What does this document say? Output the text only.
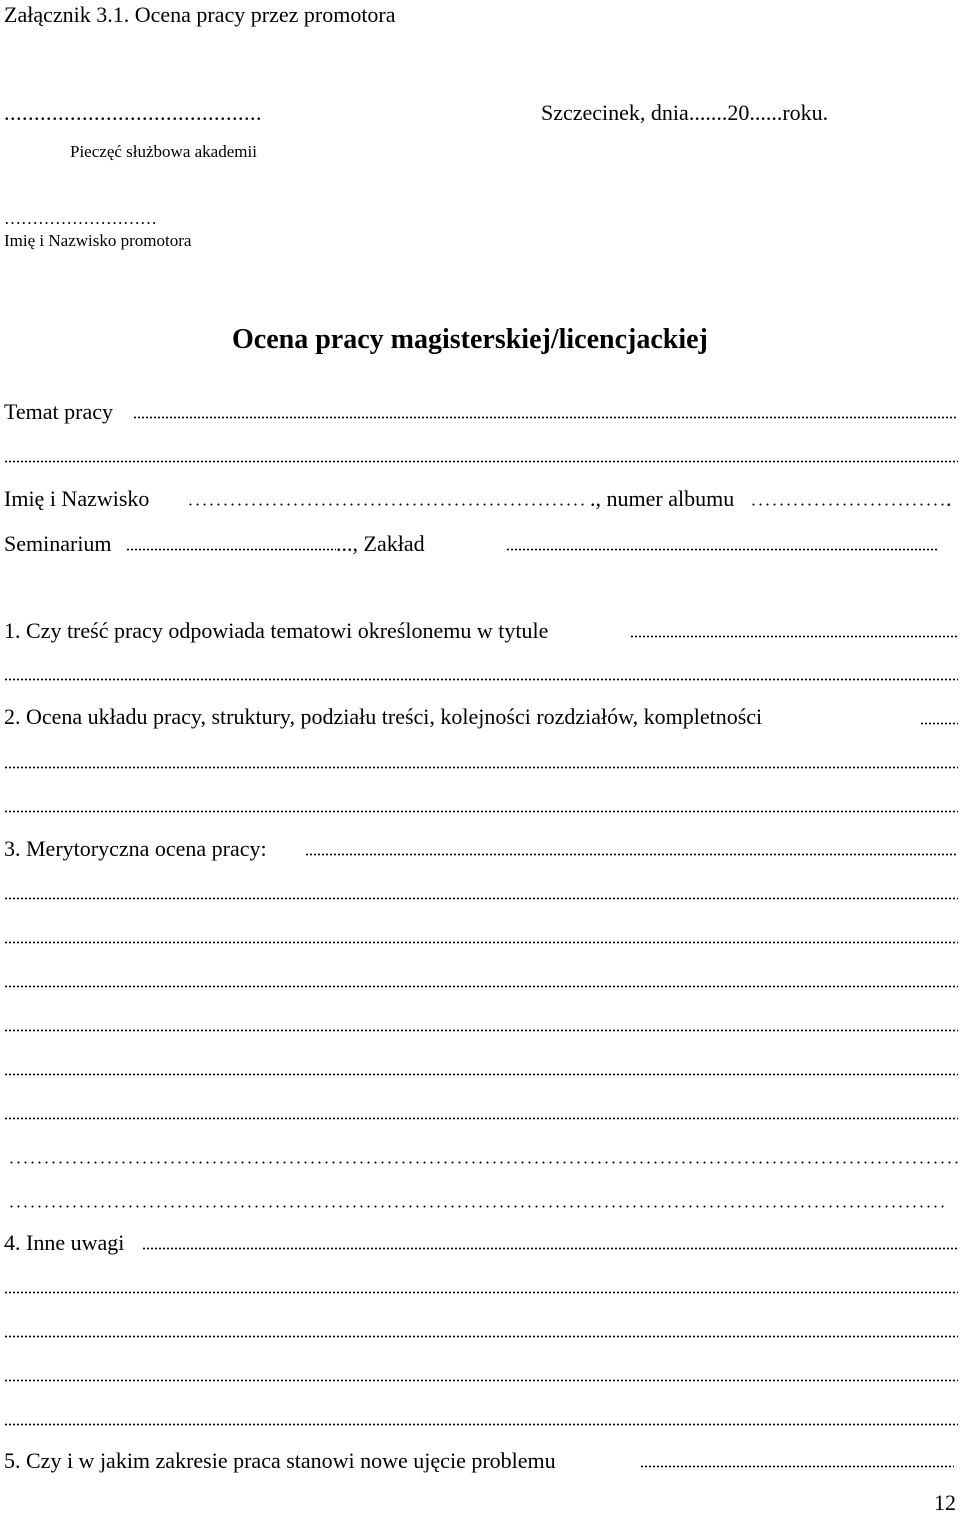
Załącznik 3.1. Ocena pracy przez promotora
...........................................	Szczecinek, dnia.......20......roku.
Pieczęć służbowa akademii
………………………
Imię i Nazwisko promotora
Ocena pracy magisterskiej/licencjackiej
Temat pracy
Imię i Nazwisko	., numer albumu	.
Seminarium	..., Zakład
1. Czy treść pracy odpowiada tematowi określonemu w tytule
2. Ocena układu pracy, struktury, podziału treści, kolejności rozdziałów, kompletności
3. Merytoryczna ocena pracy:
4. Inne uwagi
5. Czy i w jakim zakresie praca stanowi nowe ujęcie problemu
12
